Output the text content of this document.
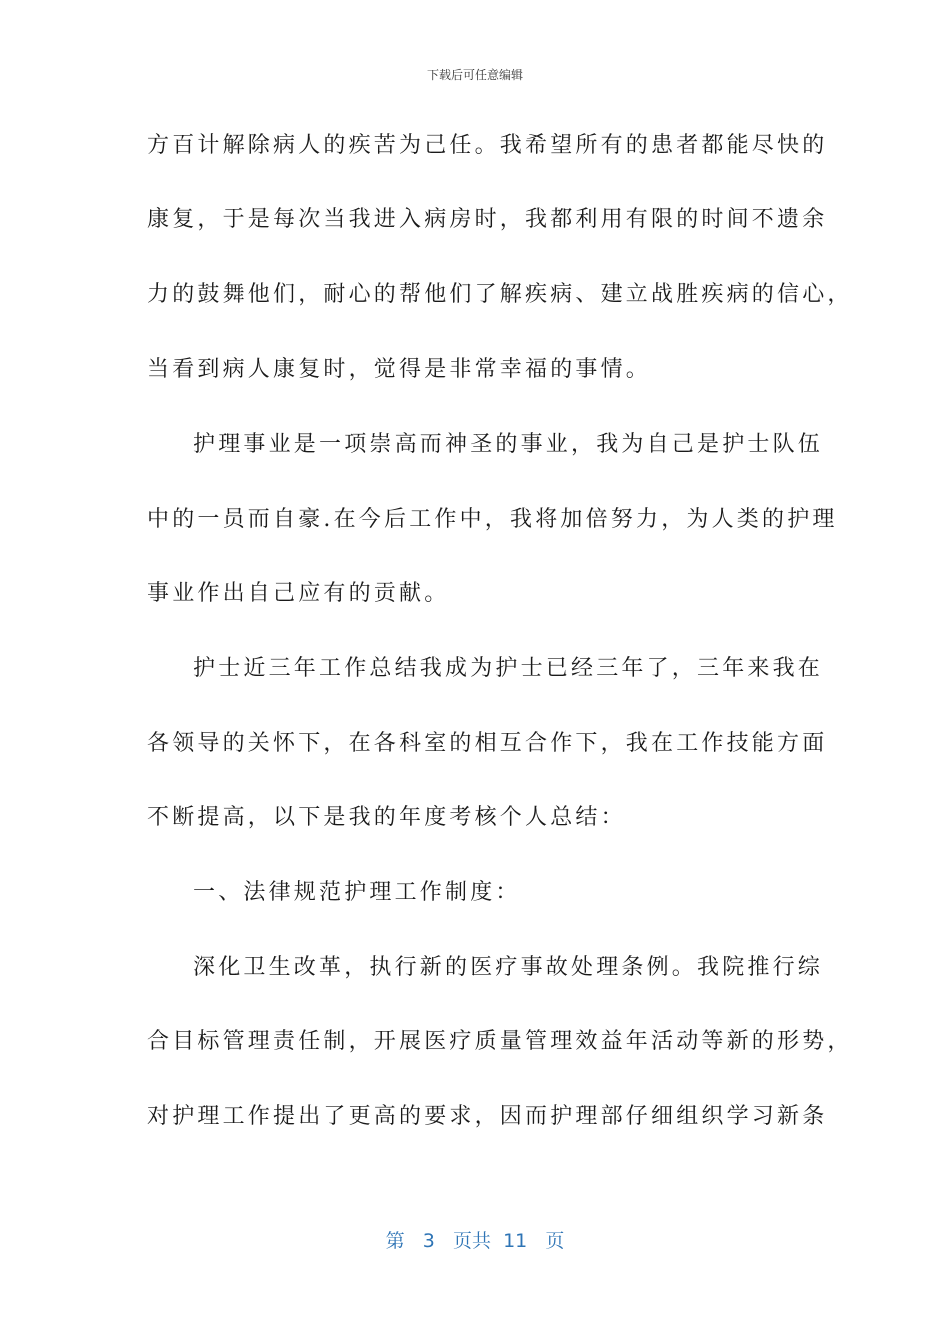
下载后可任意编辑
方百计解除病人的疾苦为己任。我希望所有的患者都能尽快的
康复，于是每次当我进入病房时，我都利用有限的时间不遗余
力的鼓舞他们，耐心的帮他们了解疾病、建立战胜疾病的信心，
当看到病人康复时，觉得是非常幸福的事情。
护理事业是一项崇高而神圣的事业，我为自己是护士队伍
中的一员而自豪.在今后工作中，我将加倍努力，为人类的护理
事业作出自己应有的贡献。
护士近三年工作总结我成为护士已经三年了，三年来我在
各领导的关怀下，在各科室的相互合作下，我在工作技能方面
不断提高，以下是我的年度考核个人总结：
一、法律规范护理工作制度：
深化卫生改革，执行新的医疗事故处理条例。我院推行综
合目标管理责任制，开展医疗质量管理效益年活动等新的形势，
对护理工作提出了更高的要求，因而护理部仔细组织学习新条
第 3 页共 11 页
